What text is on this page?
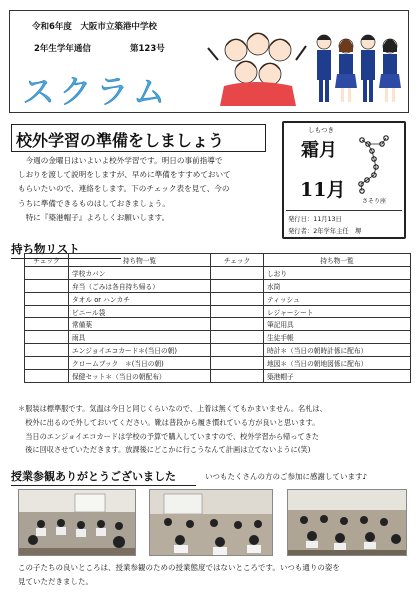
令和6年度　大阪市立築港中学校
2年生学年通信	第123号
スクラム
校外学習の準備をしましょう

　今週の金曜日はいよいよ校外学習です。明日の事前指導で

しおりを渡して説明をしますが、早めに準備をすすめておいて

もらいたいので、連絡をします。下のチェック表を見て、今の

うちに準備できるものはしておきましょう。

　特に『築港帽子』よろしくお願いします。

しもつき
霜月
11月
さそり座
発行日：11月13日
発行者：2年学年主任　堺
持ち物リスト
チェック	持ち物一覧	チェック	持ち物一覧
	学校カバン		しおり
	弁当（ごみは各自持ち帰る）		水筒
	タオル or ハンカチ		ティッシュ
	ビニール袋		レジャーシート
	常備薬		筆記用具
	雨具		生徒手帳
	エンジョイエコカード＊(当日の朝)		時計＊（当日の朝時計係に配布）
	クロームブック　＊(当日の朝)		地図＊（当日の朝地図係に配布）
	保健セット＊（当日の朝配布）		築港帽子

＊服装は標準服です。気温は今日と同じくらいなので、上着は無くてもかまいません。名札は、

　校外に出るので外しておいてください。靴は普段から履き慣れている方が良いと思います。

　当日のエンジョイエコカードは学校の予算で購入していますので、校外学習から帰ってきた

　後に回収させていただきます。放課後にどこかに行こうなんて計画は立てないように(笑)

授業参観ありがとうございました	いつもたくさんの方のご参加に感謝しています♪
この子たちの良いところは、授業参観のための授業態度ではないところです。いつも通りの姿を
見ていただきました。
